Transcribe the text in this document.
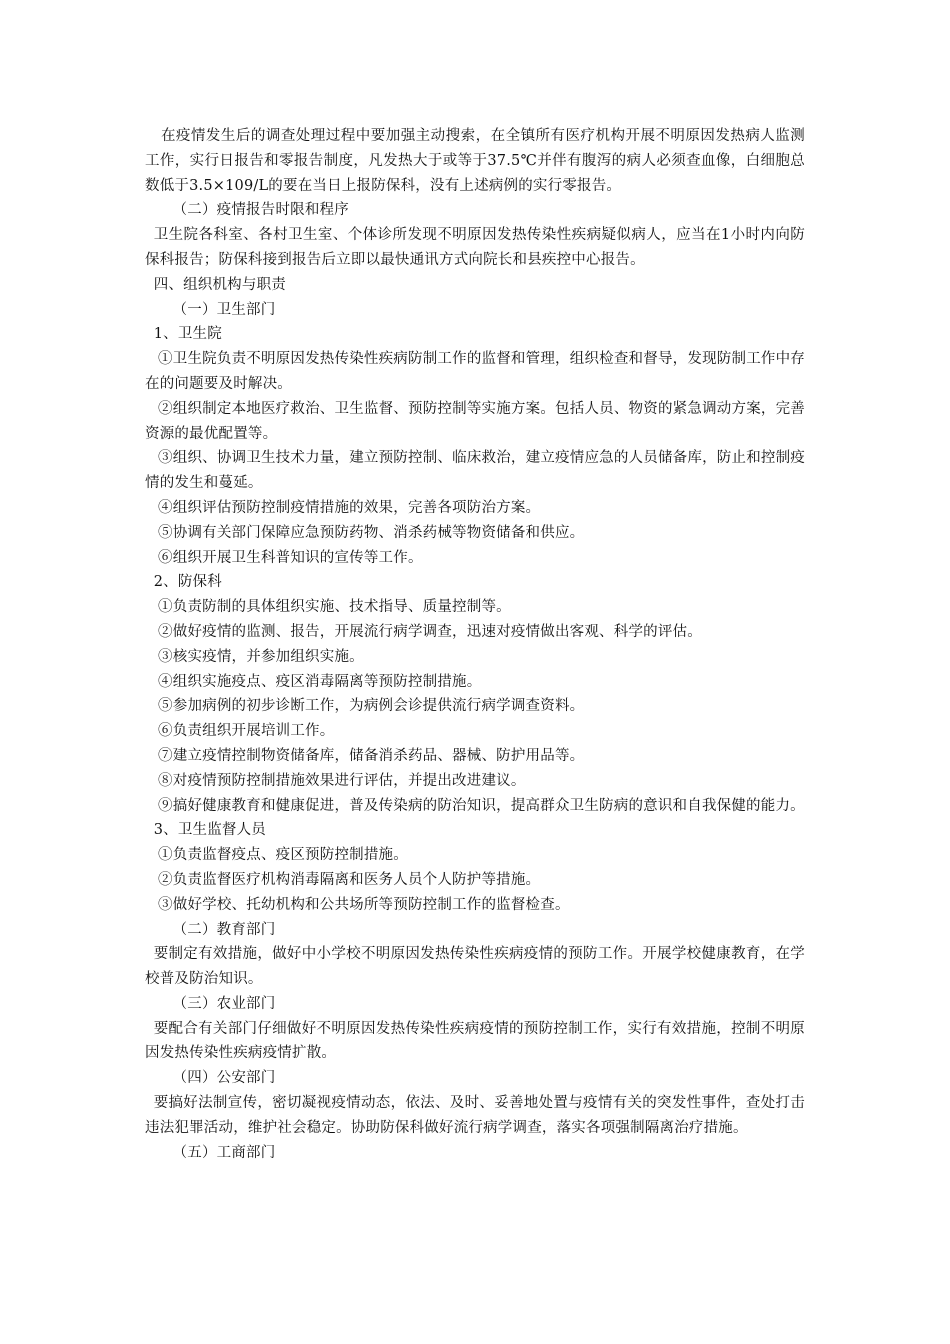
在疫情发生后的调查处理过程中要加强主动搜索，在全镇所有医疗机构开展不明原因发热病人监测工作，实行日报告和零报告制度，凡发热大于或等于37.5℃并伴有腹泻的病人必须查血像，白细胞总数低于3.5×109/L的要在当日上报防保科，没有上述病例的实行零报告。

（二）疫情报告时限和程序

卫生院各科室、各村卫生室、个体诊所发现不明原因发热传染性疾病疑似病人，应当在1小时内向防保科报告；防保科接到报告后立即以最快通讯方式向院长和县疾控中心报告。

四、组织机构与职责

（一）卫生部门

1、卫生院

①卫生院负责不明原因发热传染性疾病防制工作的监督和管理，组织检查和督导，发现防制工作中存在的问题要及时解决。

②组织制定本地医疗救治、卫生监督、预防控制等实施方案。包括人员、物资的紧急调动方案，完善资源的最优配置等。

③组织、协调卫生技术力量，建立预防控制、临床救治，建立疫情应急的人员储备库，防止和控制疫情的发生和蔓延。

④组织评估预防控制疫情措施的效果，完善各项防治方案。

⑤协调有关部门保障应急预防药物、消杀药械等物资储备和供应。

⑥组织开展卫生科普知识的宣传等工作。

2、防保科

①负责防制的具体组织实施、技术指导、质量控制等。

②做好疫情的监测、报告，开展流行病学调查，迅速对疫情做出客观、科学的评估。

③核实疫情，并参加组织实施。

④组织实施疫点、疫区消毒隔离等预防控制措施。

⑤参加病例的初步诊断工作，为病例会诊提供流行病学调查资料。

⑥负责组织开展培训工作。

⑦建立疫情控制物资储备库，储备消杀药品、器械、防护用品等。

⑧对疫情预防控制措施效果进行评估，并提出改进建议。

⑨搞好健康教育和健康促进，普及传染病的防治知识，提高群众卫生防病的意识和自我保健的能力。

3、卫生监督人员

①负责监督疫点、疫区预防控制措施。

②负责监督医疗机构消毒隔离和医务人员个人防护等措施。

③做好学校、托幼机构和公共场所等预防控制工作的监督检查。

（二）教育部门

要制定有效措施，做好中小学校不明原因发热传染性疾病疫情的预防工作。开展学校健康教育，在学校普及防治知识。

（三）农业部门

要配合有关部门仔细做好不明原因发热传染性疾病疫情的预防控制工作，实行有效措施，控制不明原因发热传染性疾病疫情扩散。

（四）公安部门

要搞好法制宣传，密切凝视疫情动态，依法、及时、妥善地处置与疫情有关的突发性事件，查处打击违法犯罪活动，维护社会稳定。协助防保科做好流行病学调查，落实各项强制隔离治疗措施。

（五）工商部门
